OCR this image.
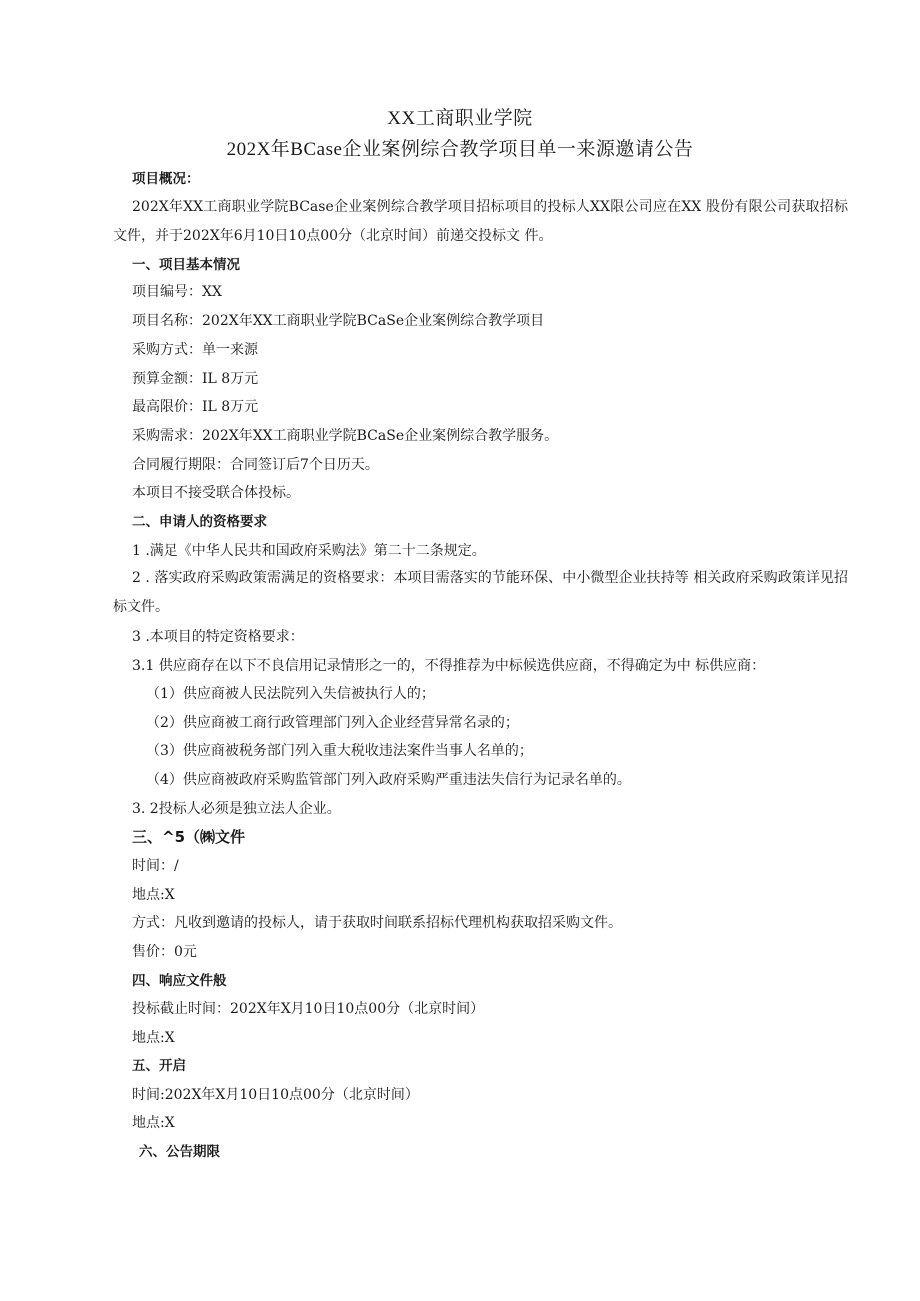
XX工商职业学院
202X年BCase企业案例综合教学项目单一来源邀请公告
项目概况：
202X年XX工商职业学院BCase企业案例综合教学项目招标项目的投标人XX限公司应在XX 股份有限公司获取招标文件，并于202X年6月10日10点00分（北京时间）前递交投标文 件。
一、项目基本情况
项目编号：XX
项目名称：202X年XX工商职业学院BCaSe企业案例综合教学项目
采购方式：单一来源
预算金额：IL 8万元
最高限价：IL 8万元
采购需求：202X年XX工商职业学院BCaSe企业案例综合教学服务。
合同履行期限：合同签订后7个日历天。
本项目不接受联合体投标。
二、申请人的资格要求
1 .满足《中华人民共和国政府采购法》第二十二条规定。
2 . 落实政府采购政策需满足的资格要求：本项目需落实的节能环保、中小微型企业扶持等 相关政府采购政策详见招标文件。
3 .本项目的特定资格要求：
3.1 供应商存在以下不良信用记录情形之一的，不得推荐为中标候选供应商，不得确定为中 标供应商：
（1）供应商被人民法院列入失信被执行人的；
（2）供应商被工商行政管理部门列入企业经营异常名录的；
（3）供应商被税务部门列入重大税收违法案件当事人名单的；
（4）供应商被政府采购监管部门列入政府采购严重违法失信行为记录名单的。
3. 2投标人必须是独立法人企业。
三、^5（㈱文件
时间：/
地点:X
方式：凡收到邀请的投标人，请于获取时间联系招标代理机构获取招采购文件。
售价：0元
四、响应文件般
投标截止时间：202X年X月10日10点00分（北京时间）
地点:X
五、开启
时间:202X年X月10日10点00分（北京时间）
地点:X
六、公告期限
